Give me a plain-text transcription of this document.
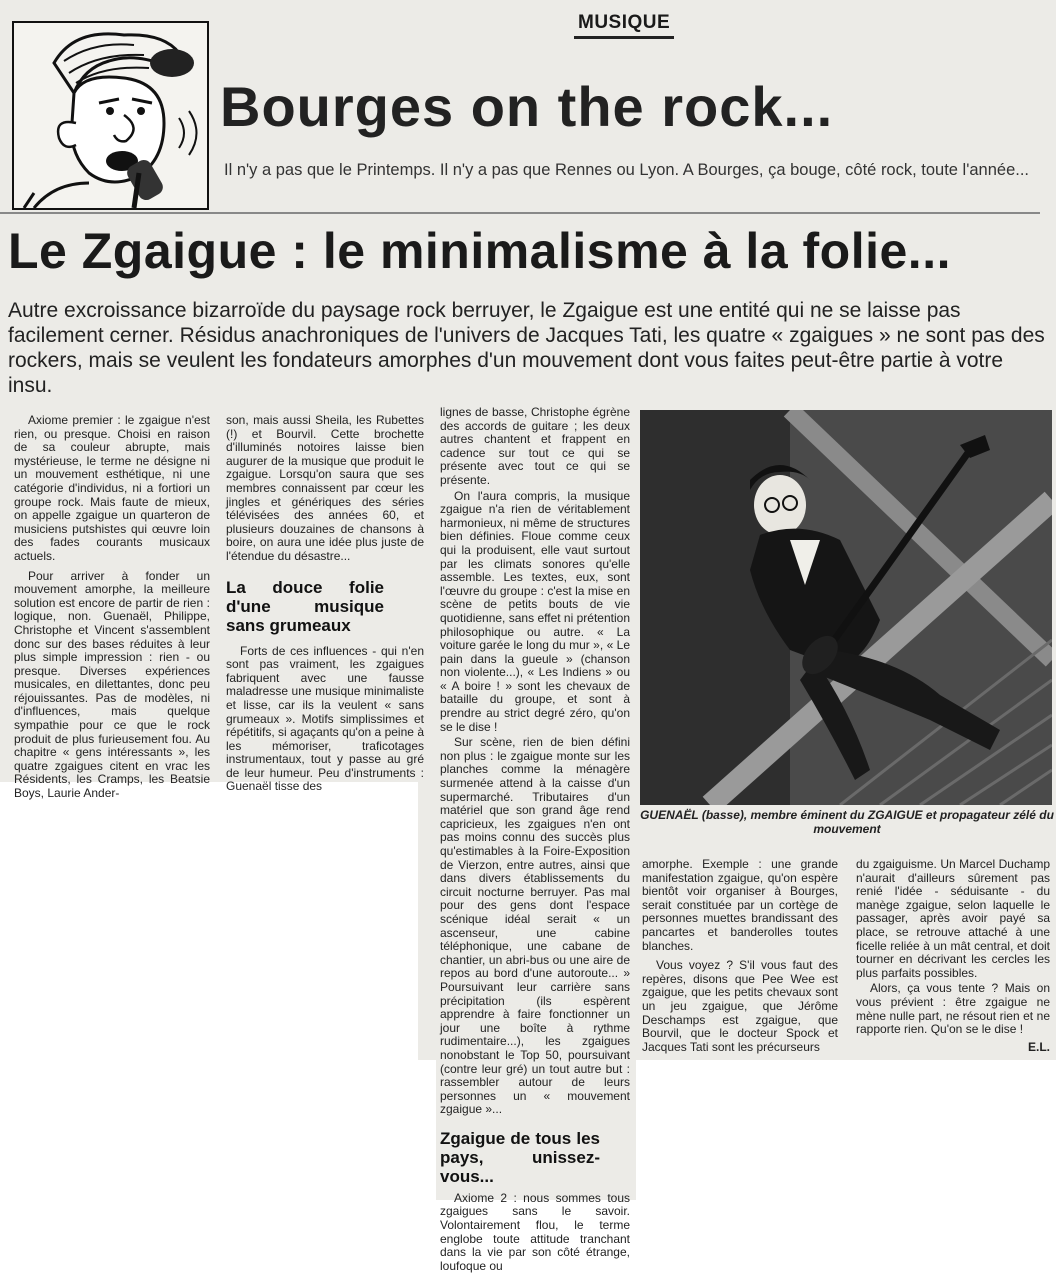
MUSIQUE
Bourges on the rock...
Il n'y a pas que le Printemps. Il n'y a pas que Rennes ou Lyon. A Bourges, ça bouge, côté rock, toute l'année...
Le Zgaigue : le minimalisme à la folie...
Autre excroissance bizarroïde du paysage rock berruyer, le Zgaigue est une entité qui ne se laisse pas facilement cerner. Résidus anachroniques de l'univers de Jacques Tati, les quatre « zgaigues » ne sont pas des rockers, mais se veulent les fondateurs amorphes d'un mouvement dont vous faites peut-être partie à votre insu.

Axiome premier : le zgaigue n'est rien, ou presque. Choisi en raison de sa couleur abrupte, mais mystérieuse, le terme ne désigne ni un mouvement esthétique, ni une catégorie d'individus, ni a fortiori un groupe rock. Mais faute de mieux, on appelle zgaigue un quarteron de musiciens putshistes qui œuvre loin des fades courants musicaux actuels.

Pour arriver à fonder un mouvement amorphe, la meilleure solution est encore de partir de rien : logique, non. Guenaël, Philippe, Christophe et Vincent s'assemblent donc sur des bases réduites à leur plus simple impression : rien - ou presque. Diverses expériences musicales, en dilettantes, donc peu réjouissantes. Pas de modèles, ni d'influences, mais quelque sympathie pour ce que le rock produit de plus furieusement fou. Au chapitre « gens intéressants », les quatre zgaigues citent en vrac les Résidents, les Cramps, les Beatsie Boys, Laurie Ander-

son, mais aussi Sheila, les Rubettes (!) et Bourvil. Cette brochette d'illuminés notoires laisse bien augurer de la musique que produit le zgaigue. Lorsqu'on saura que ses membres connaissent par cœur les jingles et génériques des séries télévisées des années 60, et plusieurs douzaines de chansons à boire, on aura une idée plus juste de l'étendue du désastre...

La douce folie d'une musique sans grumeaux

Forts de ces influences - qui n'en sont pas vraiment, les zgaigues fabriquent avec une fausse maladresse une musique minimaliste et lisse, car ils la veulent « sans grumeaux ». Motifs simplissimes et répétitifs, si agaçants qu'on a peine à les mémoriser, traficotages instrumentaux, tout y passe au gré de leur humeur. Peu d'instruments : Guenaël tisse des

lignes de basse, Christophe égrène des accords de guitare ; les deux autres chantent et frappent en cadence sur tout ce qui se présente avec tout ce qui se présente.

On l'aura compris, la musique zgaigue n'a rien de véritablement harmonieux, ni même de structures bien définies. Floue comme ceux qui la produisent, elle vaut surtout par les climats sonores qu'elle assemble. Les textes, eux, sont l'œuvre du groupe : c'est la mise en scène de petits bouts de vie quotidienne, sans effet ni prétention philosophique ou autre. « La voiture garée le long du mur », « Le pain dans la gueule » (chanson non violente...), « Les Indiens » ou « A boire ! » sont les chevaux de bataille du groupe, et sont à prendre au strict degré zéro, qu'on se le dise !

Sur scène, rien de bien défini non plus : le zgaigue monte sur les planches comme la ménagère surmenée attend à la caisse d'un supermarché. Tributaires d'un matériel que son grand âge rend capricieux, les zgaigues n'en ont pas moins connu des succès plus qu'estimables à la Foire-Exposition de Vierzon, entre autres, ainsi que dans divers établissements du circuit nocturne berruyer. Pas mal pour des gens dont l'espace scénique idéal serait « un ascenseur, une cabine téléphonique, une cabane de chantier, un abri-bus ou une aire de repos au bord d'une autoroute... » Poursuivant leur carrière sans précipitation (ils espèrent apprendre à faire fonctionner un jour une boîte à rythme rudimentaire...), les zgaigues nonobstant le Top 50, poursuivant (contre leur gré) un tout autre but : rassembler autour de leurs personnes un « mouvement zgaigue »...

Zgaigue de tous les pays, unissez-vous...

Axiome 2 : nous sommes tous zgaigues sans le savoir. Volontairement flou, le terme englobe toute attitude tranchant dans la vie par son côté étrange, loufoque ou

GUENAËL (basse), membre éminent du ZGAIGUE et propagateur zélé du mouvement

amorphe. Exemple : une grande manifestation zgaigue, qu'on espère bientôt voir organiser à Bourges, serait constituée par un cortège de personnes muettes brandissant des pancartes et banderolles toutes blanches.

Vous voyez ? S'il vous faut des repères, disons que Pee Wee est zgaigue, que les petits chevaux sont un jeu zgaigue, que Jérôme Deschamps est zgaigue, que Bourvil, que le docteur Spock et Jacques Tati sont les précurseurs

du zgaiguisme. Un Marcel Duchamp n'aurait d'ailleurs sûrement pas renié l'idée - séduisante - du manège zgaigue, selon laquelle le passager, après avoir payé sa place, se retrouve attaché à une ficelle reliée à un mât central, et doit tourner en décrivant les cercles les plus parfaits possibles.

Alors, ça vous tente ? Mais on vous prévient : être zgaigue ne mène nulle part, ne résout rien et ne rapporte rien. Qu'on se le dise !

E.L.
